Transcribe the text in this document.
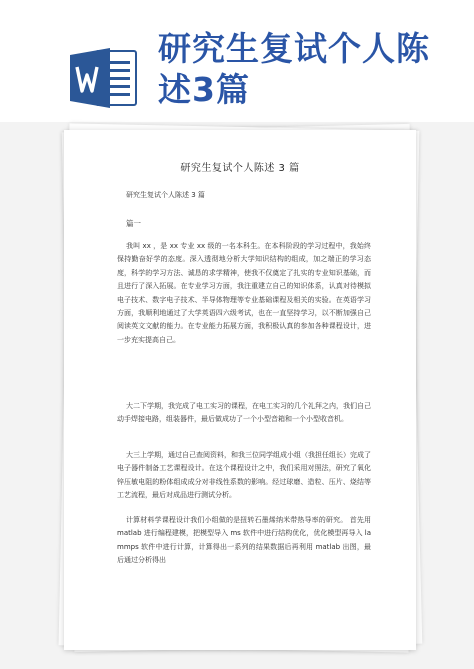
研究生复试个人陈述3篇
研究生复试个人陈述 3 篇
研究生复试个人陈述 3 篇
篇一

我叫 xx ，是 xx 专业 xx 级的一名本科生。在本科阶段的学习过程中，我始终保持勤奋好学的态度。深入透彻地分析大学知识结构的组成，加之端正的学习态度，科学的学习方法、诚恳的求学精神，使我不仅奠定了扎实的专业知识基础，而且进行了深入拓展。在专业学习方面，我注重建立自己的知识体系，认真对待模拟电子技术、数字电子技术、半导体物理等专业基础课程及相关的实验。在英语学习方面，我顺利地通过了大学英语四六级考试，也在一直坚持学习，以不断加强自己阅读英文文献的能力。在专业能力拓展方面，我积极认真的参加各种课程设计，进一步充实提高自己。

大二下学期，我完成了电工实习的课程，在电工实习的几个礼拜之内，我们自己动手焊接电路，组装器件，最后做成功了一个小型音箱和一个小型收音机。

大三上学期，通过自己查阅资料，和我三位同学组成小组（我担任组长）完成了电子器件制备工艺课程设计。在这个课程设计之中，我们采用对照法，研究了氧化锌压敏电阻的粉体组成成分对非线性系数的影响。经过球磨、造粒、压片、烧结等工艺流程，最后对成品进行测试分析。

计算材料学课程设计我们小组做的是扭转石墨烯纳米带热导率的研究。 首先用 matlab 进行编程建模，把模型导入 ms 软件中进行结构优化，优化模型再导入 lammps 软件中进行计算，计算得出一系列的结果数据后再利用 matlab 出图，最后通过分析得出
